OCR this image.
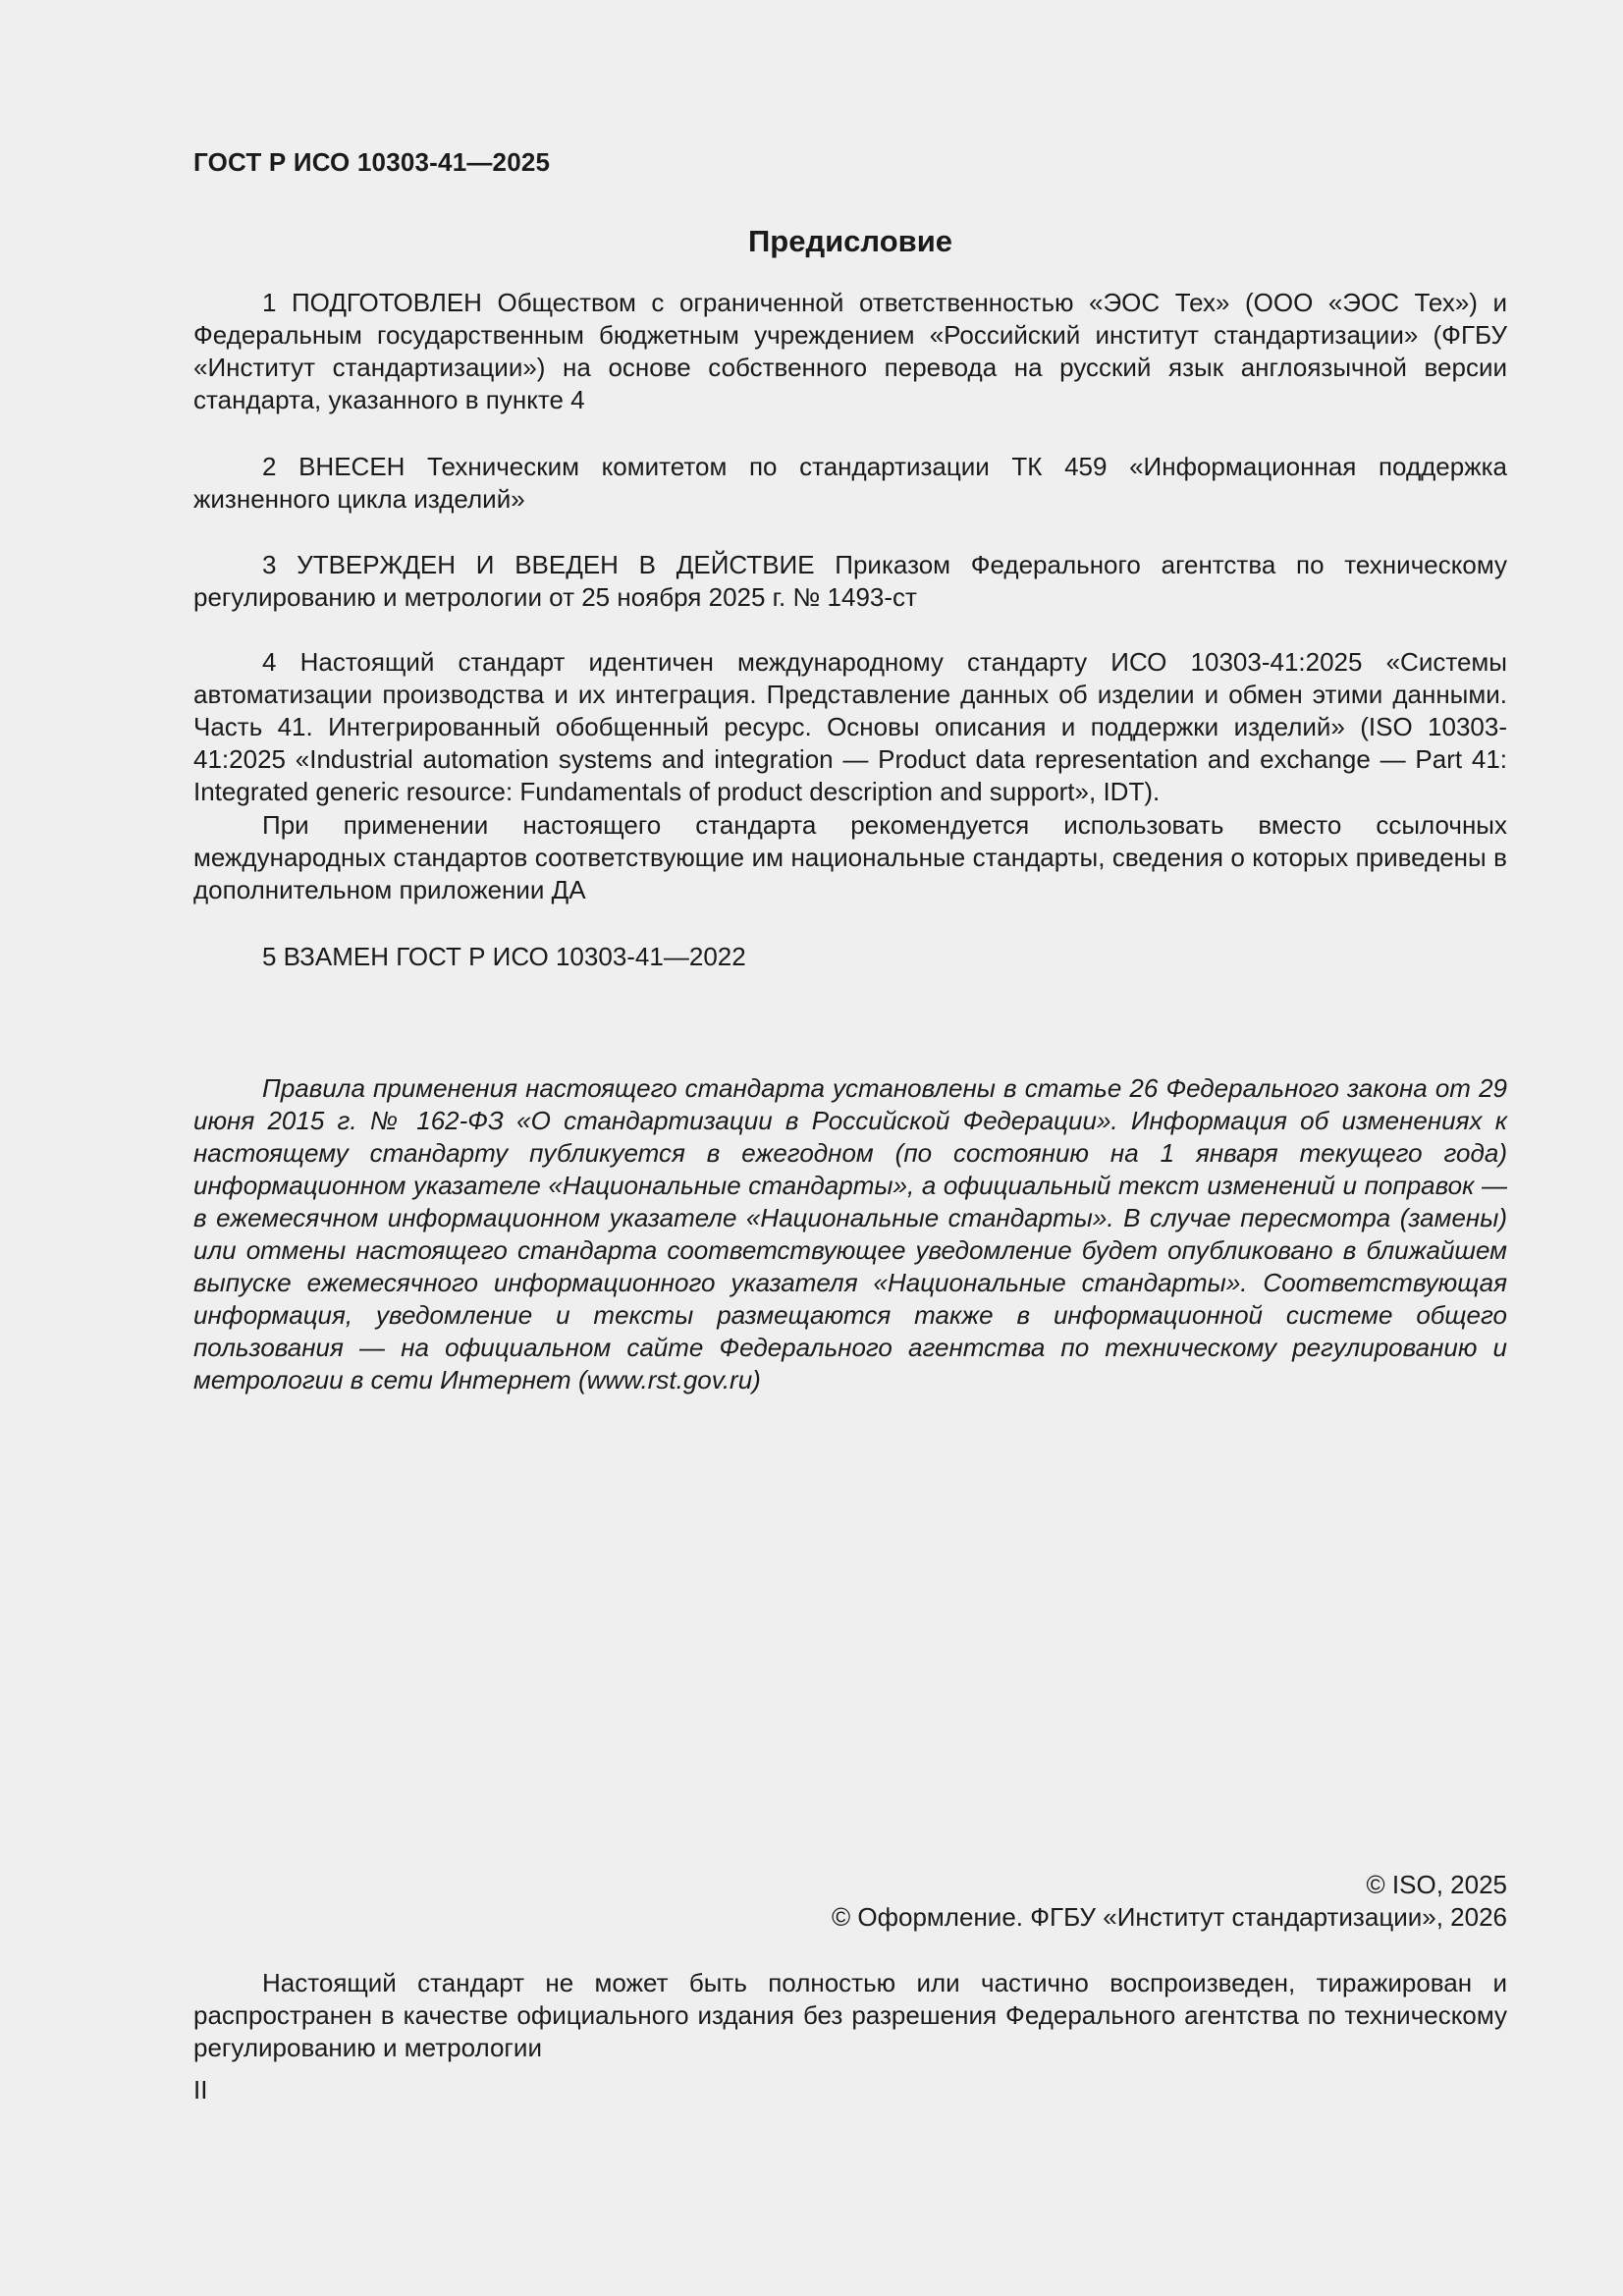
ГОСТ Р ИСО 10303-41—2025
Предисловие

1 ПОДГОТОВЛЕН Обществом с ограниченной ответственностью «ЭОС Тех» (ООО «ЭОС Тех») и Федеральным государственным бюджетным учреждением «Российский институт стандартизации» (ФГБУ «Институт стандартизации») на основе собственного перевода на русский язык англоязычной версии стандарта, указанного в пункте 4

2 ВНЕСЕН Техническим комитетом по стандартизации ТК 459 «Информационная поддержка жизненного цикла изделий»

3 УТВЕРЖДЕН И ВВЕДЕН В ДЕЙСТВИЕ Приказом Федерального агентства по техническому регулированию и метрологии от 25 ноября 2025 г. № 1493-ст

4 Настоящий стандарт идентичен международному стандарту ИСО 10303-41:2025 «Системы автоматизации производства и их интеграция. Представление данных об изделии и обмен этими данными. Часть 41. Интегрированный обобщенный ресурс. Основы описания и поддержки изделий» (ISO 10303-41:2025 «Industrial automation systems and integration — Product data representation and exchange — Part 41: Integrated generic resource: Fundamentals of product description and support», IDT).

При применении настоящего стандарта рекомендуется использовать вместо ссылочных международных стандартов соответствующие им национальные стандарты, сведения о которых приведены в дополнительном приложении ДА

5 ВЗАМЕН ГОСТ Р ИСО 10303-41—2022

Правила применения настоящего стандарта установлены в статье 26 Федерального закона от 29 июня 2015 г. № 162-ФЗ «О стандартизации в Российской Федерации». Информация об изменениях к настоящему стандарту публикуется в ежегодном (по состоянию на 1 января текущего года) информационном указателе «Национальные стандарты», а официальный текст изменений и поправок — в ежемесячном информационном указателе «Национальные стандарты». В случае пересмотра (замены) или отмены настоящего стандарта соответствующее уведомление будет опубликовано в ближайшем выпуске ежемесячного информационного указателя «Национальные стандарты». Соответствующая информация, уведомление и тексты размещаются также в информационной системе общего пользования — на официальном сайте Федерального агентства по техническому регулированию и метрологии в сети Интернет (www.rst.gov.ru)

© ISO, 2025
© Оформление. ФГБУ «Институт стандартизации», 2026

Настоящий стандарт не может быть полностью или частично воспроизведен, тиражирован и распространен в качестве официального издания без разрешения Федерального агентства по техническому регулированию и метрологии

II
